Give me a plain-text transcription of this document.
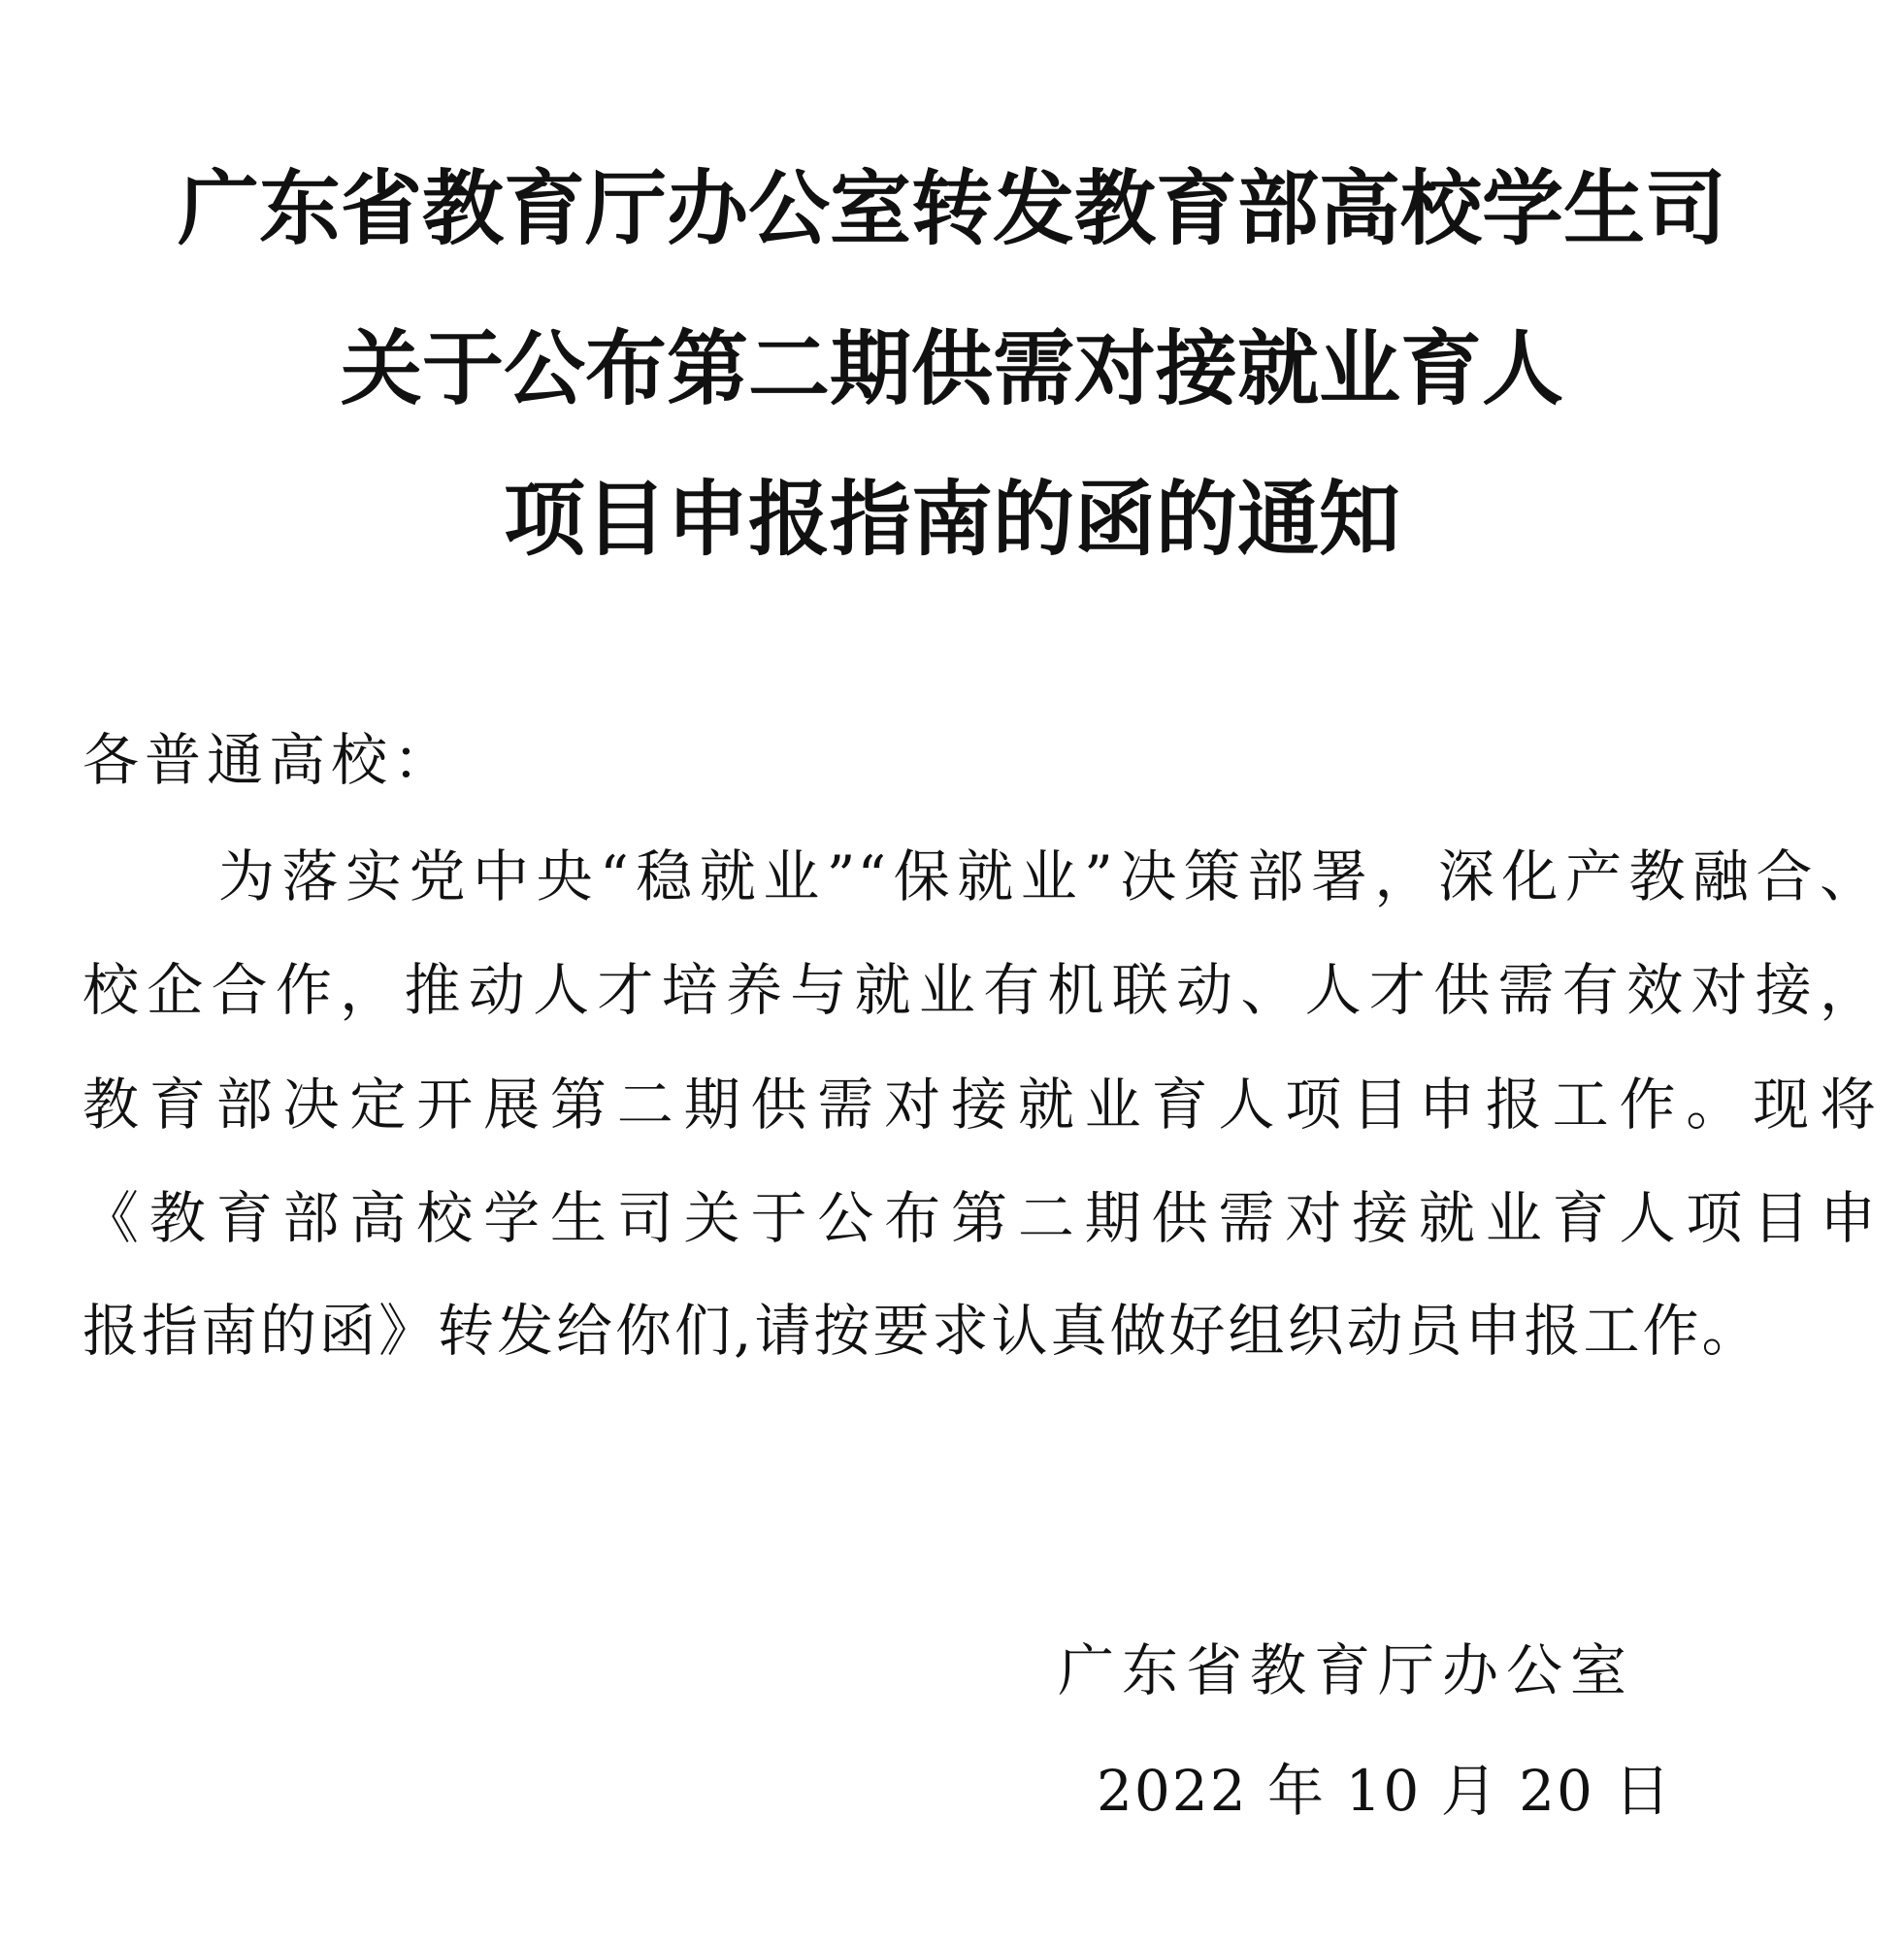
广东省教育厅办公室转发教育部高校学生司
关于公布第二期供需对接就业育人
项目申报指南的函的通知
各普通高校：
为落实党中央“稳就业”“保就业”决策部署，深化产教融合、
校企合作，推动人才培养与就业有机联动、人才供需有效对接，
教育部决定开展第二期供需对接就业育人项目申报工作。现将
《教育部高校学生司关于公布第二期供需对接就业育人项目申
报指南的函》转发给你们,请按要求认真做好组织动员申报工作。
广东省教育厅办公室
2022 年 10 月 20 日
